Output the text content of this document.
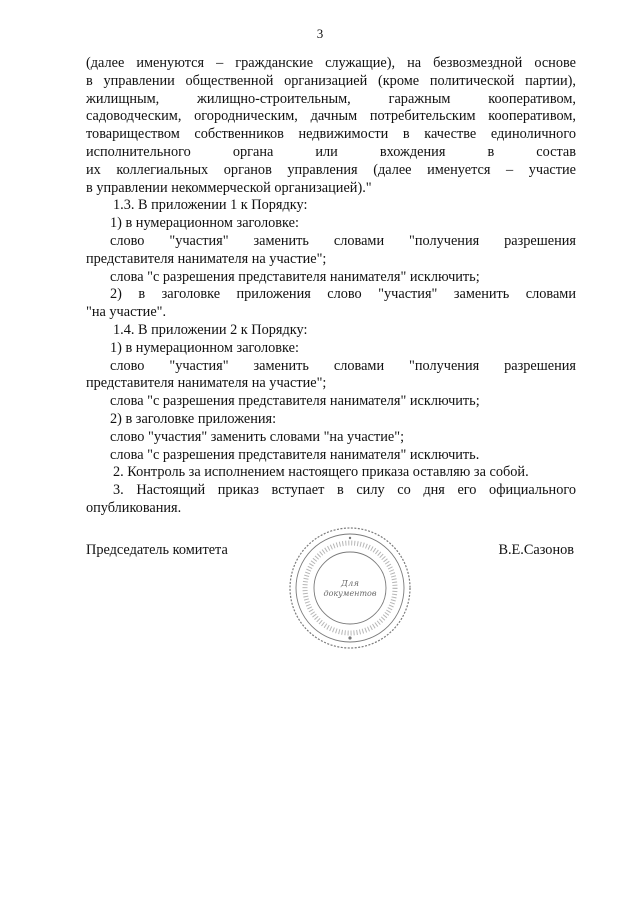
3

(далее именуются – гражданские служащие), на безвозмездной основе
в управлении общественной организацией (кроме политической партии),
жилищным, жилищно-строительным, гаражным кооперативом,
садоводческим, огородническим, дачным потребительским кооперативом,
товариществом собственников недвижимости в качестве единоличного
исполнительного органа или вхождения в состав
их коллегиальных органов управления (далее именуется – участие
в управлении некоммерческой организацией)."

1.3. В приложении 1 к Порядку:
1) в нумерационном заголовке:
слово "участия" заменить словами "получения разрешения
представителя нанимателя на участие";
слова "с разрешения представителя нанимателя" исключить;
2) в заголовке приложения слово "участия" заменить словами
"на участие".
1.4. В приложении 2 к Порядку:
1) в нумерационном заголовке:
слово "участия" заменить словами "получения разрешения
представителя нанимателя на участие";
слова "с разрешения представителя нанимателя" исключить;
2) в заголовке приложения:
слово "участия" заменить словами "на участие";
слова "с разрешения представителя нанимателя" исключить.
2. Контроль за исполнением настоящего приказа оставляю за собой.
3. Настоящий приказ вступает в силу со дня его официального
опубликования.
Председатель комитета
Для
документов
В.Е.Сазонов
